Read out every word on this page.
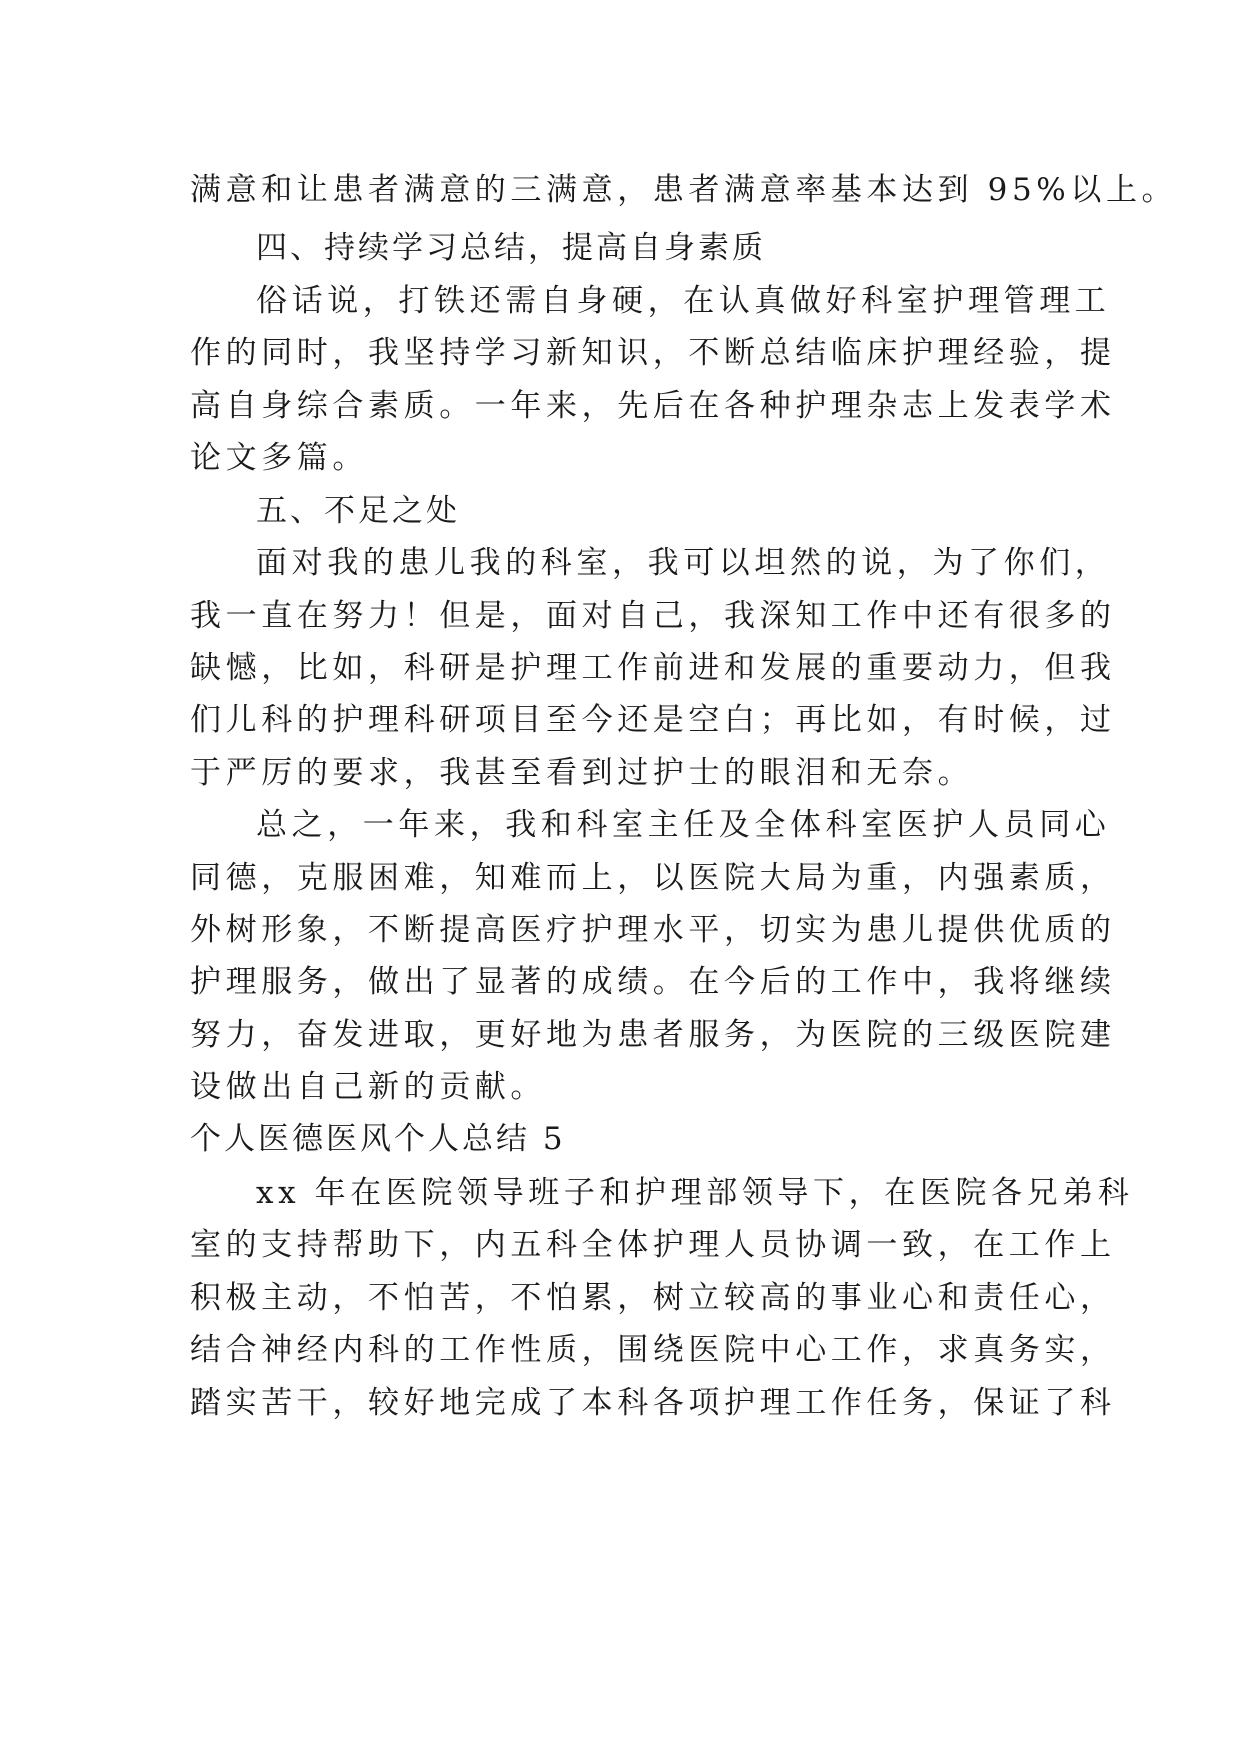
满意和让患者满意的三满意，患者满意率基本达到 95%以上。
四、持续学习总结，提高自身素质
俗话说，打铁还需自身硬，在认真做好科室护理管理工
作的同时，我坚持学习新知识，不断总结临床护理经验，提
高自身综合素质。一年来，先后在各种护理杂志上发表学术
论文多篇。
五、不足之处
面对我的患儿我的科室，我可以坦然的说，为了你们，
我一直在努力！但是，面对自己，我深知工作中还有很多的
缺憾，比如，科研是护理工作前进和发展的重要动力，但我
们儿科的护理科研项目至今还是空白；再比如，有时候，过
于严厉的要求，我甚至看到过护士的眼泪和无奈。
总之，一年来，我和科室主任及全体科室医护人员同心
同德，克服困难，知难而上，以医院大局为重，内强素质，
外树形象，不断提高医疗护理水平，切实为患儿提供优质的
护理服务，做出了显著的成绩。在今后的工作中，我将继续
努力，奋发进取，更好地为患者服务，为医院的三级医院建
设做出自己新的贡献。
个人医德医风个人总结 5
xx 年在医院领导班子和护理部领导下，在医院各兄弟科
室的支持帮助下，内五科全体护理人员协调一致，在工作上
积极主动，不怕苦，不怕累，树立较高的事业心和责任心，
结合神经内科的工作性质，围绕医院中心工作，求真务实，
踏实苦干，较好地完成了本科各项护理工作任务，保证了科
